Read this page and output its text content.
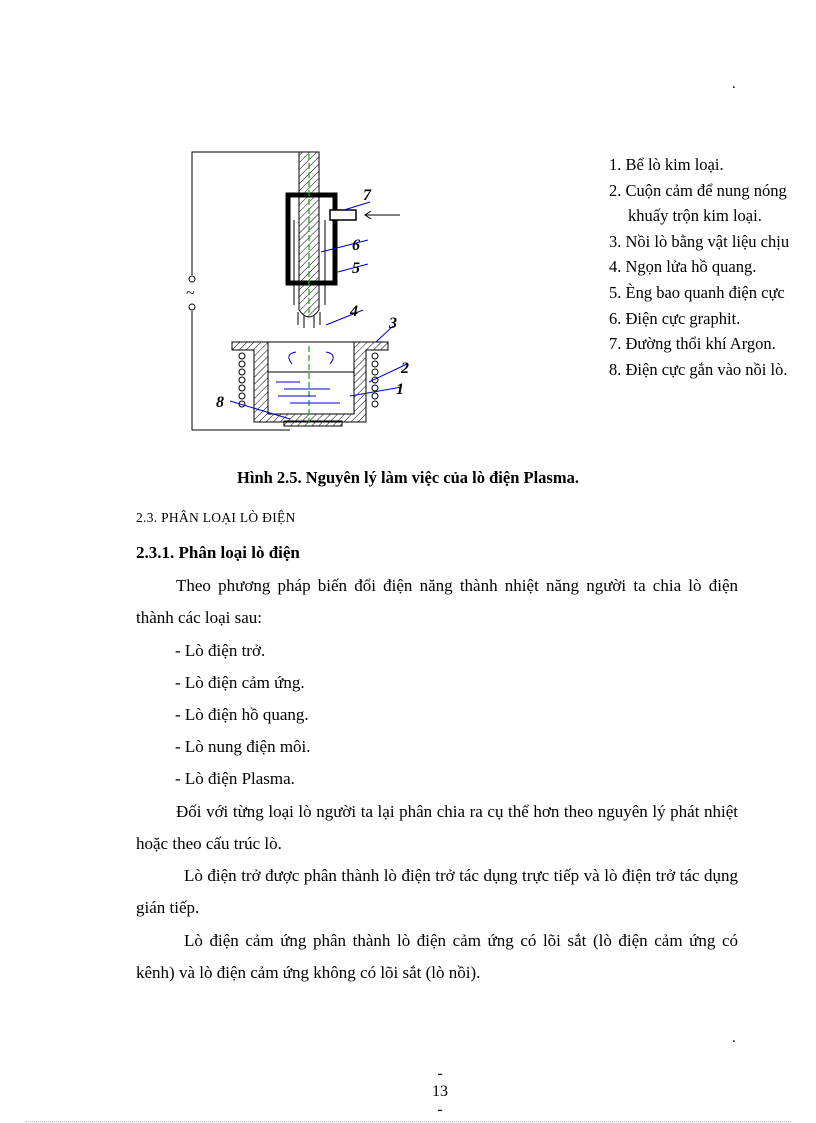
.
7
6
5
4
3
2
1
8
~
1. Bể lò kim loại.
2. Cuộn cảm để nung nóng
khuấy trộn kim loại.
3. Nồi lò bằng vật liệu chịu
4. Ngọn lửa hồ quang.
5. Èng bao quanh điện cực
6. Điện cực graphit.
7. Đường thổi khí Argon.
8. Điện cực gắn vào nồi lò.
Hình 2.5. Nguyên lý làm việc của lò điện Plasma.
2.3. PHÂN LOẠI LÒ ĐIỆN
2.3.1. Phân loại lò điện
Theo phương pháp biến đổi điện năng thành nhiệt năng người ta chia lò điện thành các loại sau:
- Lò điện trở.
- Lò điện cảm ứng.
- Lò điện hồ quang.
- Lò nung điện môi.
- Lò điện Plasma.
Đối với từng loại lò người ta lại phân chia ra cụ thể hơn theo nguyên lý phát nhiệt hoặc theo cấu trúc lò.
Lò điện trở được phân thành lò điện trở tác dụng trực tiếp và lò điện trở tác dụng gián tiếp.
Lò điện cảm ứng phân thành lò điện cảm ứng có lõi sắt (lò điện cảm ứng có kênh) và lò điện cảm ứng không có lõi sắt (lò nồi).
.
-
13
-
